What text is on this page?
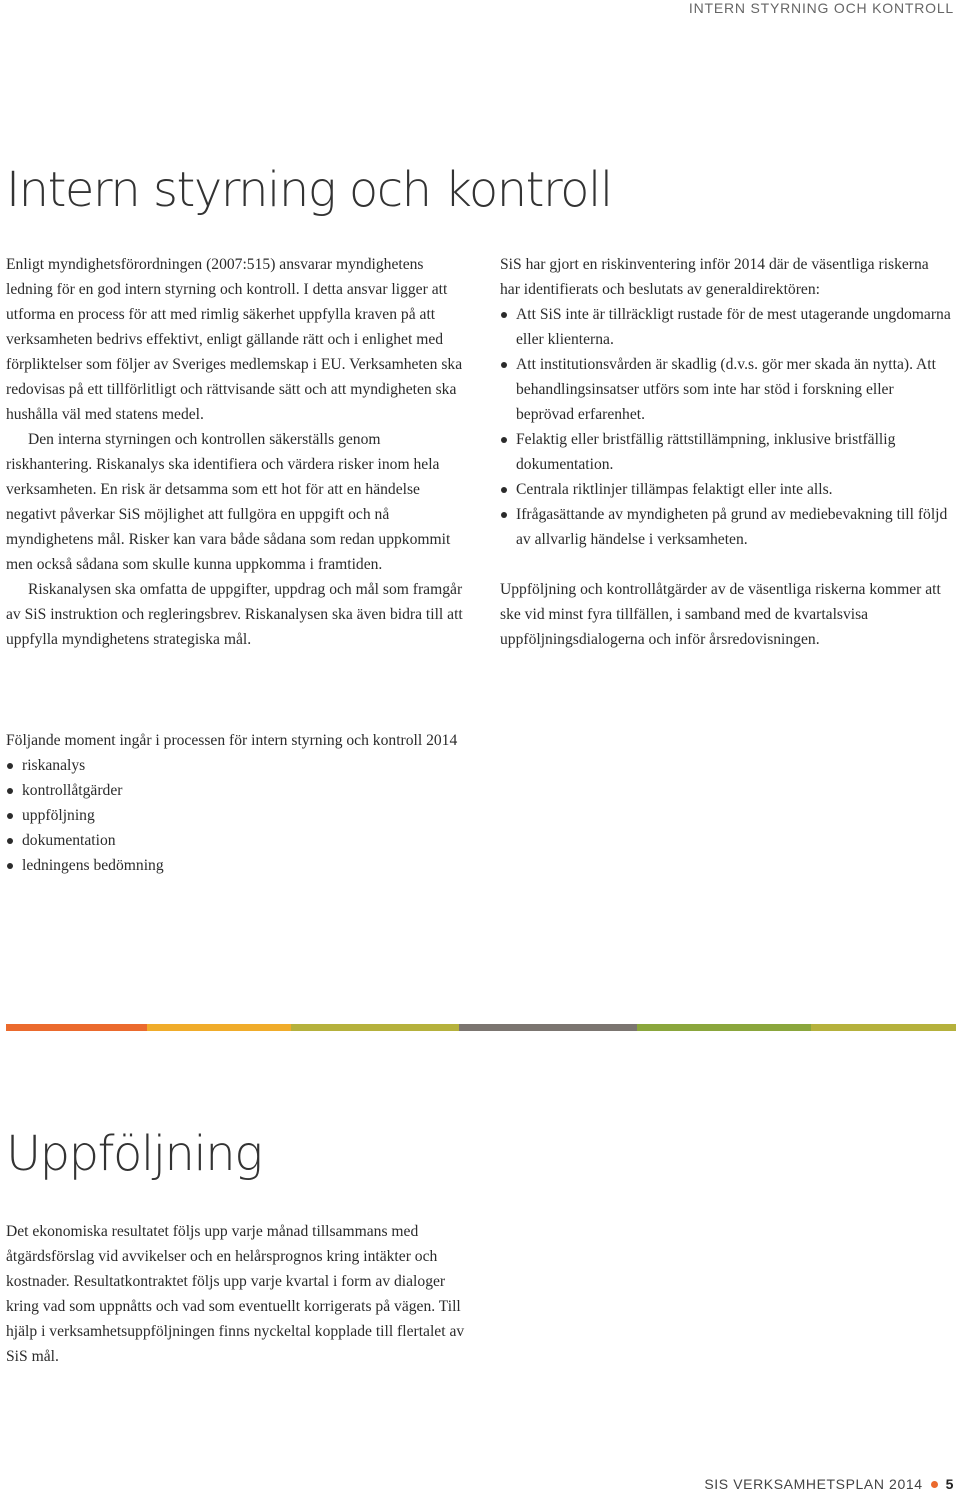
INTERN STYRNING OCH KONTROLL
Intern styrning och kontroll

Enligt myndighetsförordningen (2007:515) ansvarar myndighetens ledning för en god intern styrning och kontroll. I detta ansvar ligger att utforma en process för att med rimlig säkerhet uppfylla kraven på att verksamheten bedrivs effektivt, enligt gällande rätt och i enlighet med förpliktelser som följer av Sveriges medlemskap i EU. Verksamheten ska redovisas på ett tillförlitligt och rättvisande sätt och att myndigheten ska hushålla väl med statens medel.

Den interna styrningen och kontrollen säkerställs genom riskhantering. Riskanalys ska identifiera och värdera risker inom hela verksamheten. En risk är detsamma som ett hot för att en händelse negativt påverkar SiS möjlighet att fullgöra en uppgift och nå myndighetens mål. Risker kan vara både sådana som redan uppkommit men också sådana som skulle kunna uppkomma i framtiden.

Riskanalysen ska omfatta de uppgifter, uppdrag och mål som framgår av SiS instruktion och regleringsbrev. Riskanalysen ska även bidra till att uppfylla myndighetens strategiska mål.

SiS har gjort en riskinventering inför 2014 där de väsentliga riskerna har identifierats och beslutats av generaldirektören:

Att SiS inte är tillräckligt rustade för de mest utagerande ungdomarna eller klienterna.
Att institutionsvården är skadlig (d.v.s. gör mer skada än nytta). Att behandlingsinsatser utförs som inte har stöd i forskning eller beprövad erfarenhet.
Felaktig eller bristfällig rättstillämpning, inklusive bristfällig dokumentation.
Centrala riktlinjer tillämpas felaktigt eller inte alls.
Ifrågasättande av myndigheten på grund av mediebevakning till följd av allvarlig händelse i verksamheten.

Uppföljning och kontrollåtgärder av de väsentliga riskerna kommer att ske vid minst fyra tillfällen, i samband med de kvartalsvisa uppföljningsdialogerna och inför årsredovisningen.

Följande moment ingår i processen för intern styrning och kontroll 2014

riskanalys
kontrollåtgärder
uppföljning
dokumentation
ledningens bedömning
Uppföljning

Det ekonomiska resultatet följs upp varje månad tillsammans med åtgärdsförslag vid avvikelser och en helårsprognos kring intäkter och kostnader. Resultatkontraktet följs upp varje kvartal i form av dialoger kring vad som uppnåtts och vad som eventuellt korrigerats på vägen. Till hjälp i verksamhetsuppföljningen finns nyckeltal kopplade till flertalet av SiS mål.

SIS VERKSAMHETSPLAN 2014 5
